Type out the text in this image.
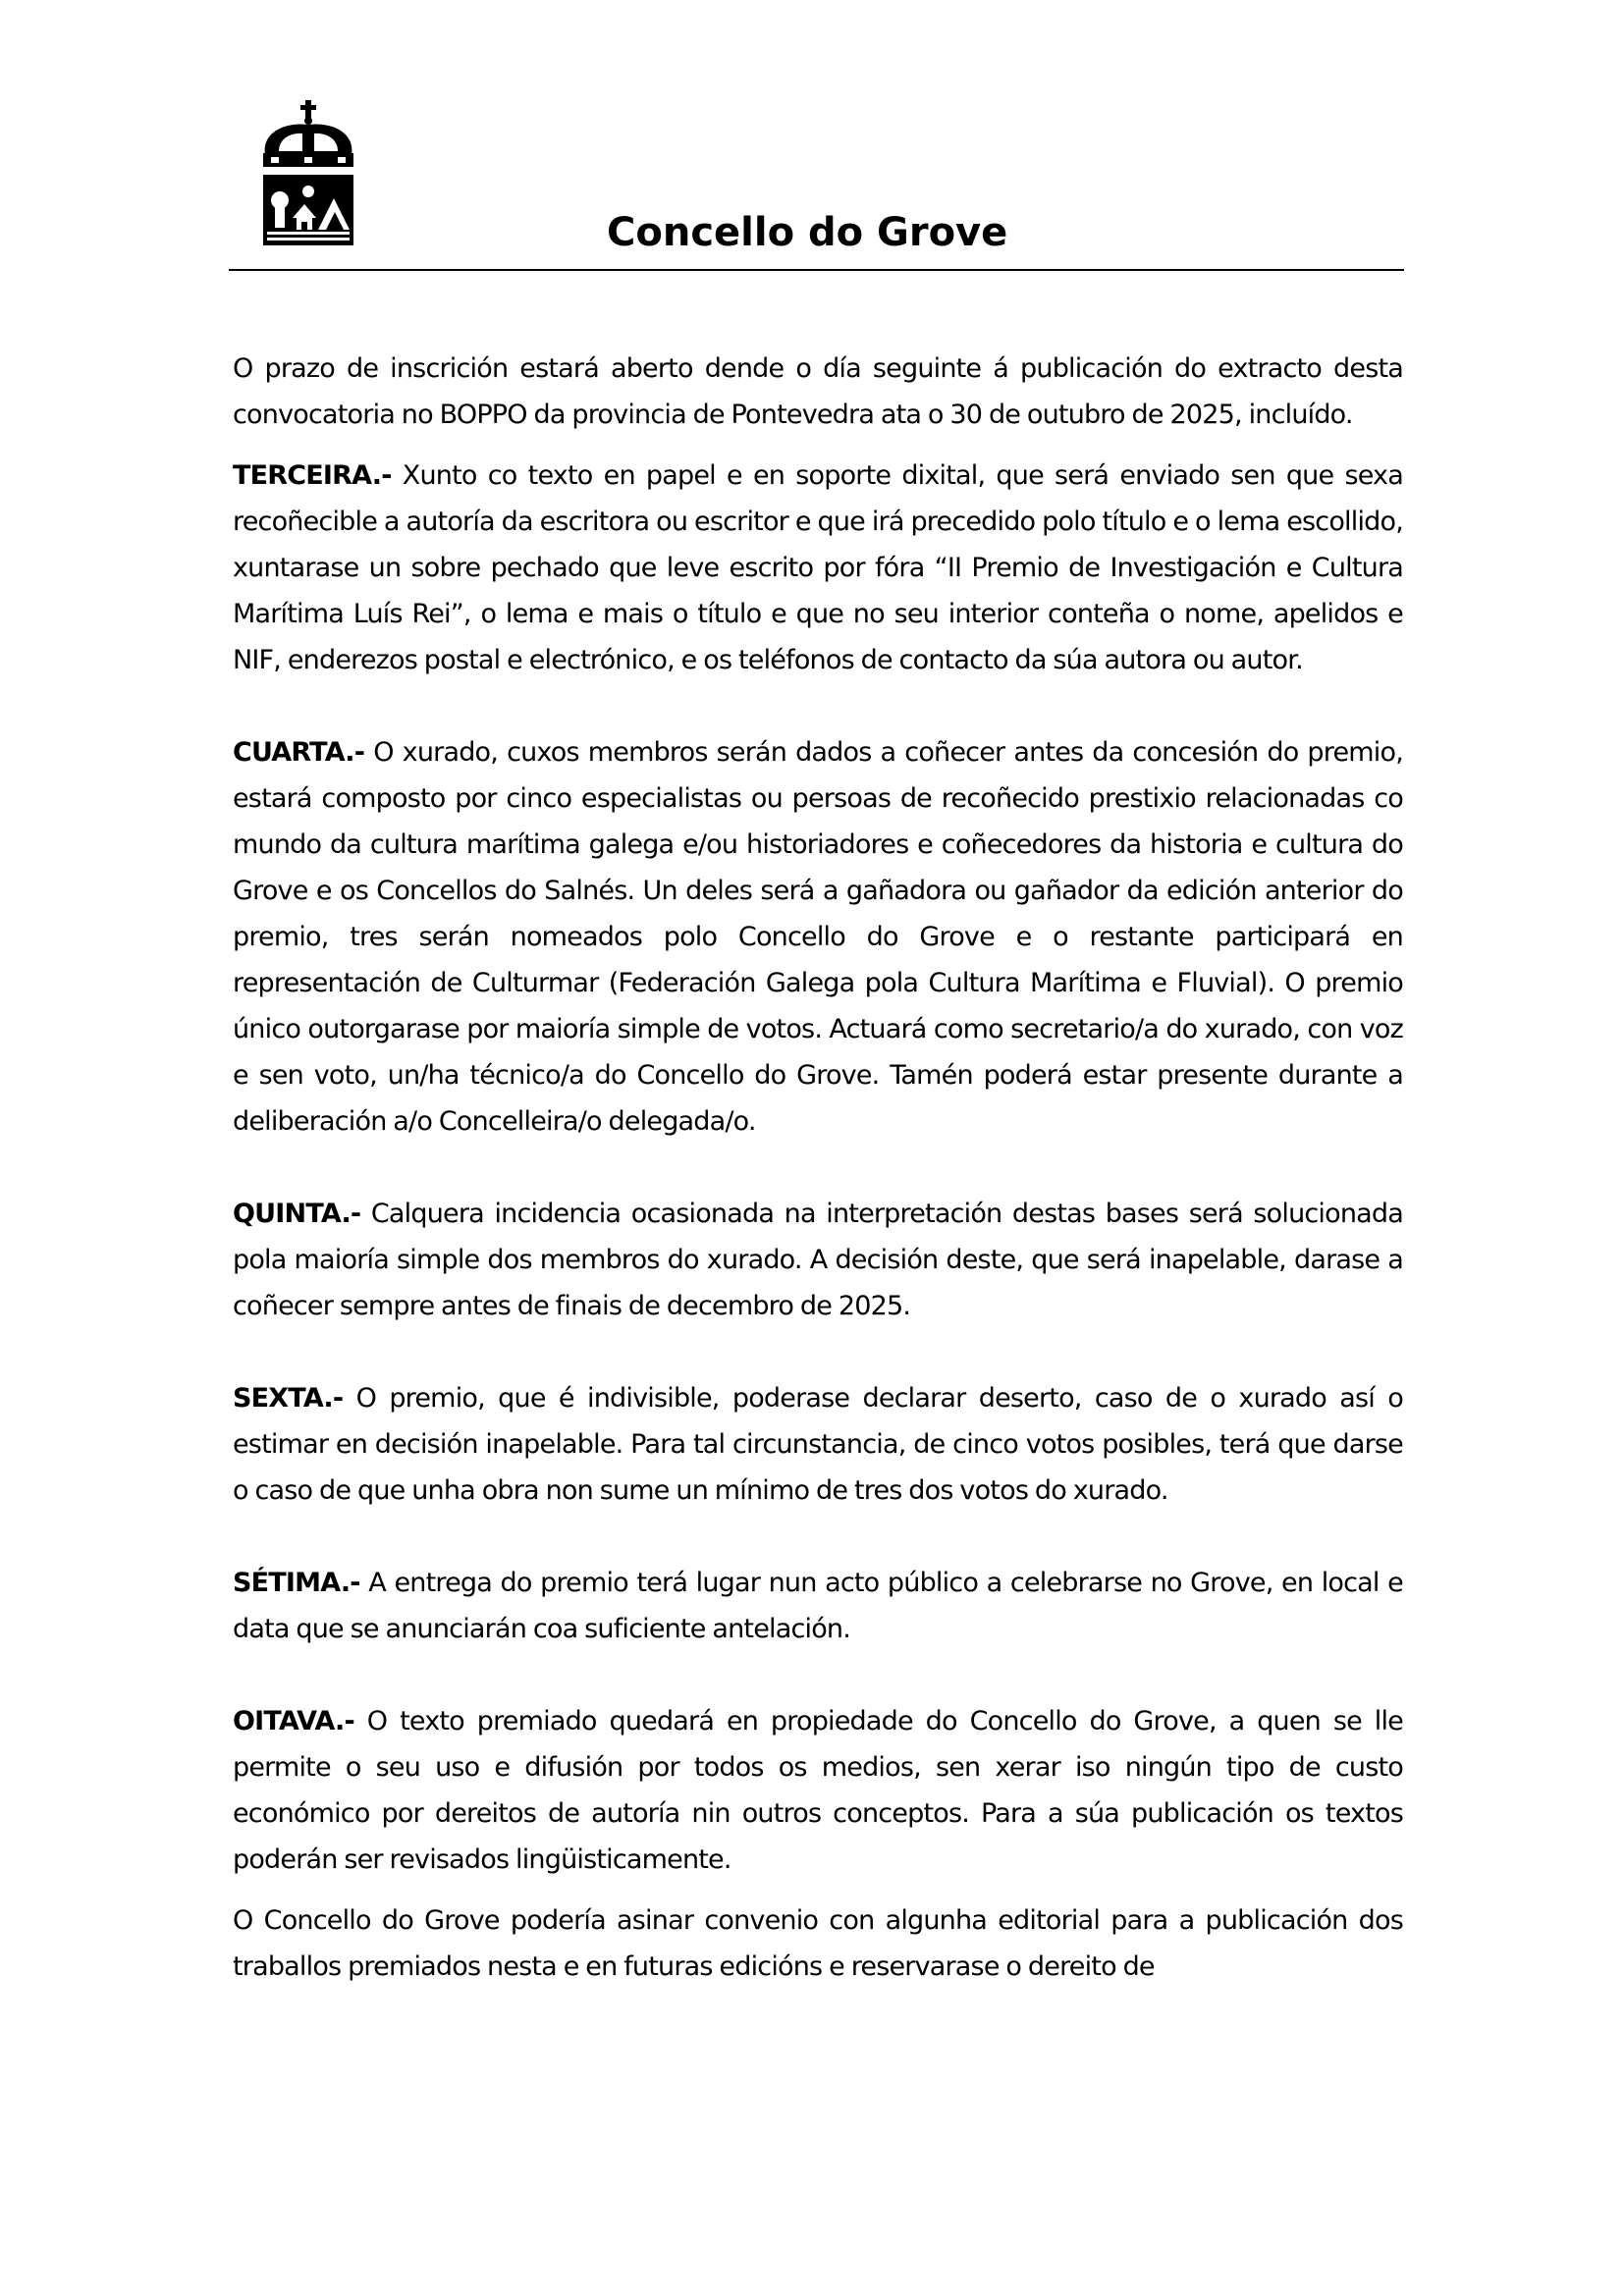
Concello do Grove

O prazo de inscrición estará aberto dende o día seguinte á publicación do extracto desta convocatoria no BOPPO da provincia de Pontevedra ata o 30 de outubro de 2025, incluído.

TERCEIRA.- Xunto co texto en papel e en soporte dixital, que será enviado sen que sexa recoñecible a autoría da escritora ou escritor e que irá precedido polo título e o lema escollido, xuntarase un sobre pechado que leve escrito por fóra “II Premio de Investigación e Cultura Marítima Luís Rei”, o lema e mais o título e que no seu interior conteña o nome, apelidos e NIF, enderezos postal e electrónico, e os teléfonos de contacto da súa autora ou autor.

CUARTA.- O xurado, cuxos membros serán dados a coñecer antes da concesión do premio, estará composto por cinco especialistas ou persoas de recoñecido prestixio relacionadas co mundo da cultura marítima galega e/ou historiadores e coñecedores da historia e cultura do Grove e os Concellos do Salnés. Un deles será a gañadora ou gañador da edición anterior do premio, tres serán nomeados polo Concello do Grove e o restante participará en representación de Culturmar (Federación Galega pola Cultura Marítima e Fluvial). O premio único outorgarase por maioría simple de votos. Actuará como secretario/a do xurado, con voz e sen voto, un/ha técnico/a do Concello do Grove. Tamén poderá estar presente durante a deliberación a/o Concelleira/o delegada/o.

QUINTA.- Calquera incidencia ocasionada na interpretación destas bases será solucionada pola maioría simple dos membros do xurado. A decisión deste, que será inapelable, darase a coñecer sempre antes de finais de decembro de 2025.

SEXTA.- O premio, que é indivisible, poderase declarar deserto, caso de o xurado así o estimar en decisión inapelable. Para tal circunstancia, de cinco votos posibles, terá que darse o caso de que unha obra non sume un mínimo de tres dos votos do xurado.

SÉTIMA.- A entrega do premio terá lugar nun acto público a celebrarse no Grove, en local e data que se anunciarán coa suficiente antelación.

OITAVA.- O texto premiado quedará en propiedade do Concello do Grove, a quen se lle permite o seu uso e difusión por todos os medios, sen xerar iso ningún tipo de custo económico por dereitos de autoría nin outros conceptos. Para a súa publicación os textos poderán ser revisados lingüisticamente.

O Concello do Grove podería asinar convenio con algunha editorial para a publicación dos traballos premiados nesta e en futuras edicións e reservarase o dereito de
